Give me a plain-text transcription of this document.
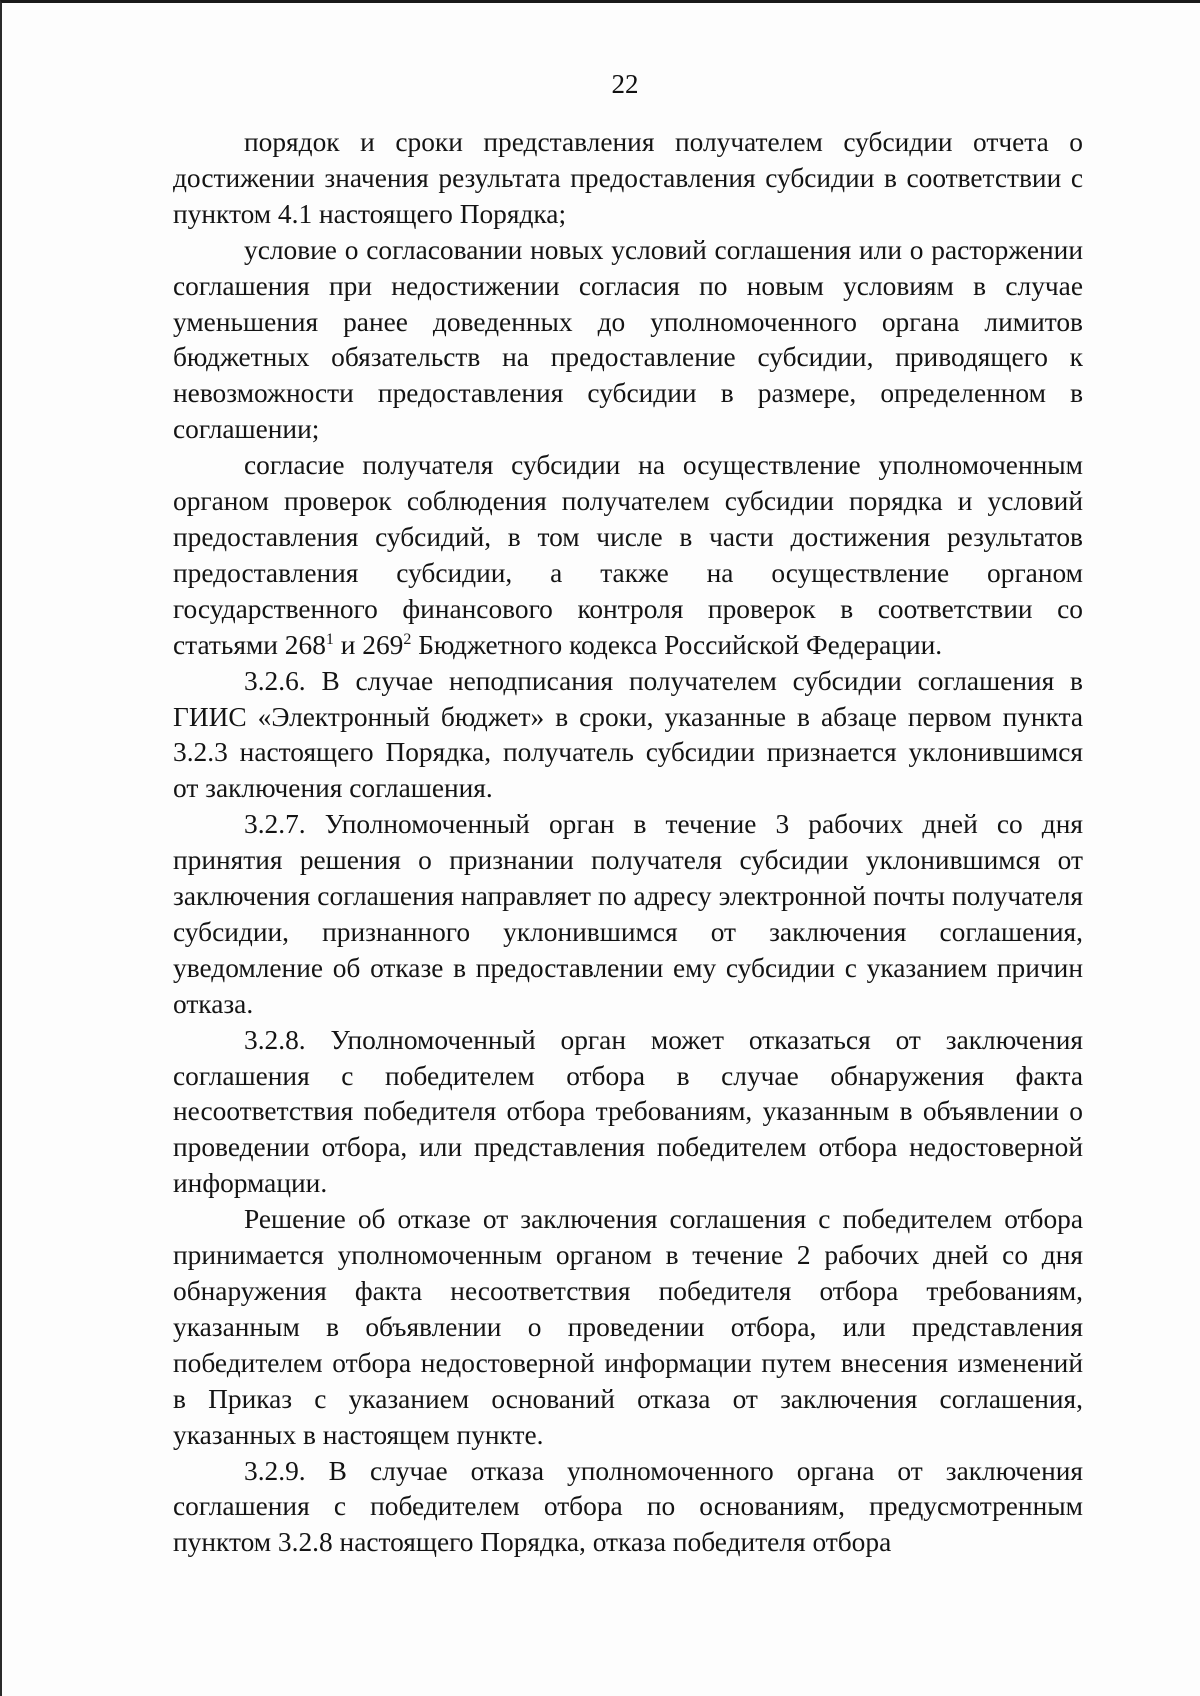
22

порядок и сроки представления получателем субсидии отчета о достижении значения результата предоставления субсидии в соответствии с пунктом 4.1 настоящего Порядка;

условие о согласовании новых условий соглашения или о расторжении соглашения при недостижении согласия по новым условиям в случае уменьшения ранее доведенных до уполномоченного органа лимитов бюджетных обязательств на предоставление субсидии, приводящего к невозможности предоставления субсидии в размере, определенном в соглашении;

согласие получателя субсидии на осуществление уполномоченным органом проверок соблюдения получателем субсидии порядка и условий предоставления субсидий, в том числе в части достижения результатов предоставления субсидии, а также на осуществление органом государственного финансового контроля проверок в соответствии со статьями $268^1$ и $269^2$ Бюджетного кодекса Российской Федерации.

3.2.6. В случае неподписания получателем субсидии соглашения в ГИИС «Электронный бюджет» в сроки, указанные в абзаце первом пункта 3.2.3 настоящего Порядка, получатель субсидии признается уклонившимся от заключения соглашения.

3.2.7. Уполномоченный орган в течение 3 рабочих дней со дня принятия решения о признании получателя субсидии уклонившимся от заключения соглашения направляет по адресу электронной почты получателя субсидии, признанного уклонившимся от заключения соглашения, уведомление об отказе в предоставлении ему субсидии с указанием причин отказа.

3.2.8. Уполномоченный орган может отказаться от заключения соглашения с победителем отбора в случае обнаружения факта несоответствия победителя отбора требованиям, указанным в объявлении о проведении отбора, или представления победителем отбора недостоверной информации.

Решение об отказе от заключения соглашения с победителем отбора принимается уполномоченным органом в течение 2 рабочих дней со дня обнаружения факта несоответствия победителя отбора требованиям, указанным в объявлении о проведении отбора, или представления победителем отбора недостоверной информации путем внесения изменений в Приказ с указанием оснований отказа от заключения соглашения, указанных в настоящем пункте.

3.2.9. В случае отказа уполномоченного органа от заключения соглашения с победителем отбора по основаниям, предусмотренным пунктом 3.2.8 настоящего Порядка, отказа победителя отбора
